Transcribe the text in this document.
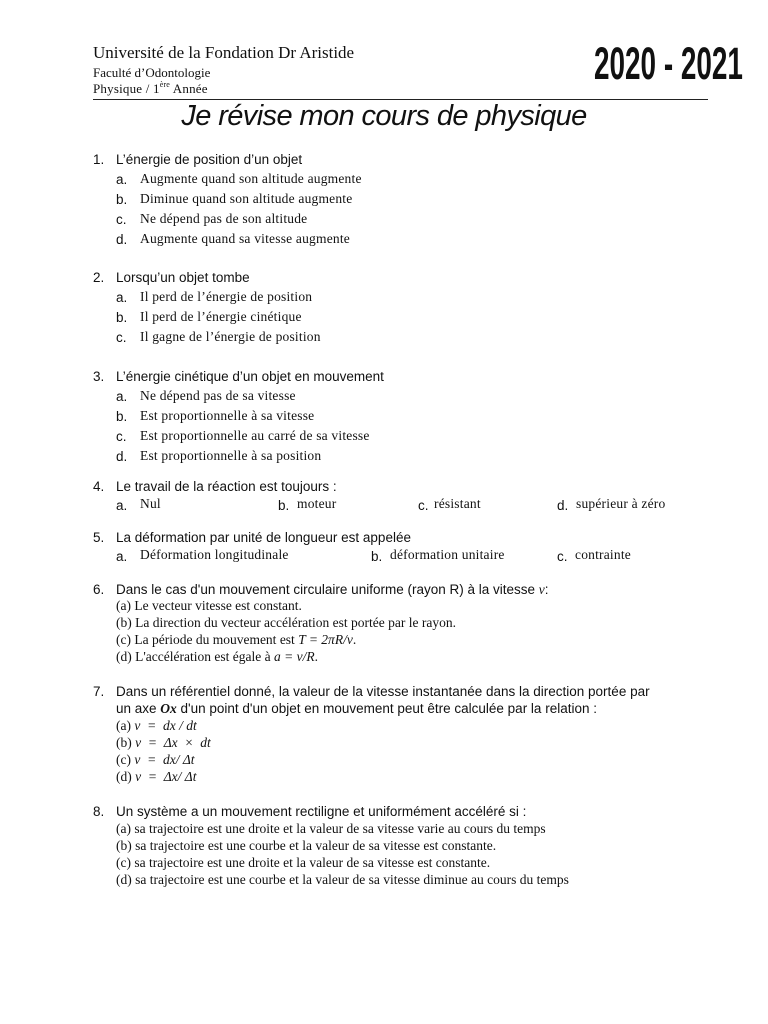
Université de la Fondation Dr Aristide
Faculté d’Odontologie
Physique / 1ère Année	2020 - 2021
Je révise mon cours de physique
1. L’énergie de position d’un objet
a. Augmente quand son altitude augmente
b. Diminue quand son altitude augmente
c. Ne dépend pas de son altitude
d. Augmente quand sa vitesse augmente
2. Lorsqu’un objet tombe
a. Il perd de l’énergie de position
b. Il perd de l’énergie cinétique
c. Il gagne de l’énergie de position
3. L’énergie cinétique d’un objet en mouvement
a. Ne dépend pas de sa vitesse
b. Est proportionnelle à sa vitesse
c. Est proportionnelle au carré de sa vitesse
d. Est proportionnelle à sa position
4. Le travail de la réaction est toujours :
a. Nul	b. moteur	c. résistant	d. supérieur à zéro
5. La déformation par unité de longueur est appelée
a. Déformation longitudinale	b. déformation unitaire	c. contrainte
6. Dans le cas d'un mouvement circulaire uniforme (rayon R) à la vitesse v:
(a) Le vecteur vitesse est constant.
(b) La direction du vecteur accélération est portée par le rayon.
(c) La période du mouvement est T = 2πR/v.
(d) L'accélération est égale à a = v/R.
7. Dans un référentiel donné, la valeur de la vitesse instantanée dans la direction portée par
un axe Ox d'un point d'un objet en mouvement peut être calculée par la relation :
(a) v  =  dx / dt
(b) v  =  Δx  ×  dt
(c) v  =  dx/ Δt
(d) v  =  Δx/ Δt
8. Un système a un mouvement rectiligne et uniformément accéléré si :
(a) sa trajectoire est une droite et la valeur de sa vitesse varie au cours du temps
(b) sa trajectoire est une courbe et la valeur de sa vitesse est constante.
(c) sa trajectoire est une droite et la valeur de sa vitesse est constante.
(d) sa trajectoire est une courbe et la valeur de sa vitesse diminue au cours du temps
